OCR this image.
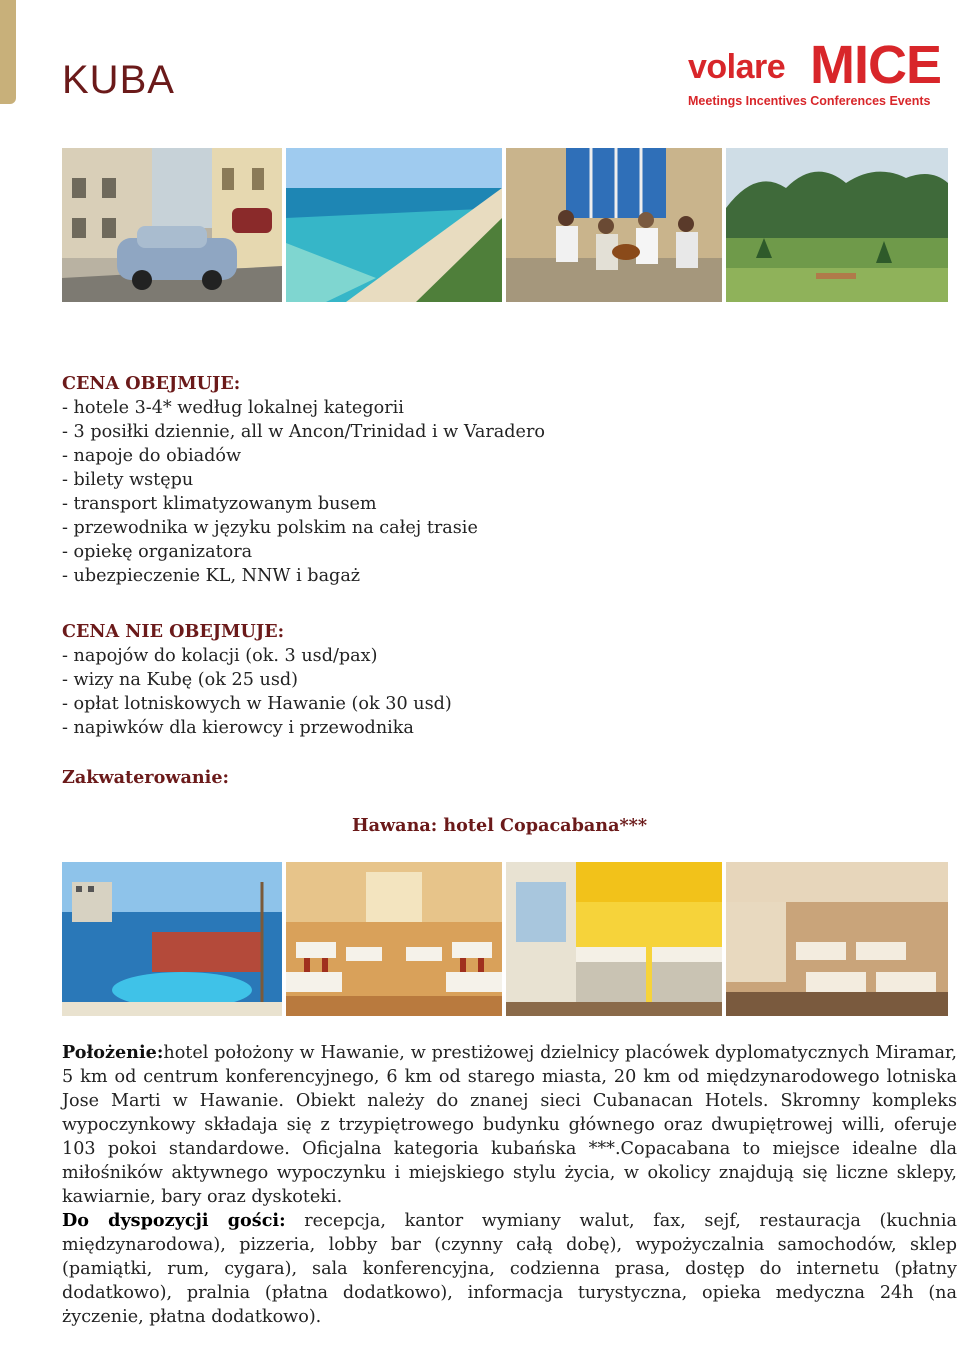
KUBA	volare MICE
Meetings Incentives Conferences Events
CENA OBEJMUJE:
- hotele 3-4* według lokalnej kategorii
- 3 posiłki dziennie, all w Ancon/Trinidad i w Varadero
- napoje do obiadów
- bilety wstępu
- transport klimatyzowanym busem
- przewodnika w języku polskim na całej trasie
- opiekę organizatora
- ubezpieczenie KL, NNW i bagaż
CENA NIE OBEJMUJE:
- napojów do kolacji (ok. 3 usd/pax)
- wizy na Kubę (ok 25 usd)
- opłat lotniskowych w Hawanie (ok 30 usd)
- napiwków dla kierowcy i przewodnika
Zakwaterowanie:
Hawana: hotel Copacabana***
Położenie:hotel położony w Hawanie, w prestiżowej dzielnicy placówek dyplomatycznych Miramar, 5 km od centrum konferencyjnego, 6 km od starego miasta, 20 km od międzynarodowego lotniska Jose Marti w Hawanie. Obiekt należy do znanej sieci Cubanacan Hotels. Skromny kompleks wypoczynkowy składaja się z trzypiętrowego budynku głównego oraz dwupiętrowej willi, oferuje 103 pokoi standardowe. Oficjalna kategoria kubańska ***.Copacabana to miejsce idealne dla miłośników aktywnego wypoczynku i miejskiego stylu życia, w okolicy znajdują się liczne sklepy, kawiarnie, bary oraz dyskoteki.
Do dyspozycji gości: recepcja, kantor wymiany walut, fax, sejf, restauracja (kuchnia międzynarodowa), pizzeria, lobby bar (czynny całą dobę), wypożyczalnia samochodów, sklep (pamiątki, rum, cygara), sala konferencyjna, codzienna prasa, dostęp do internetu (płatny dodatkowo), pralnia (płatna dodatkowo), informacja turystyczna, opieka medyczna 24h (na życzenie, płatna dodatkowo).
